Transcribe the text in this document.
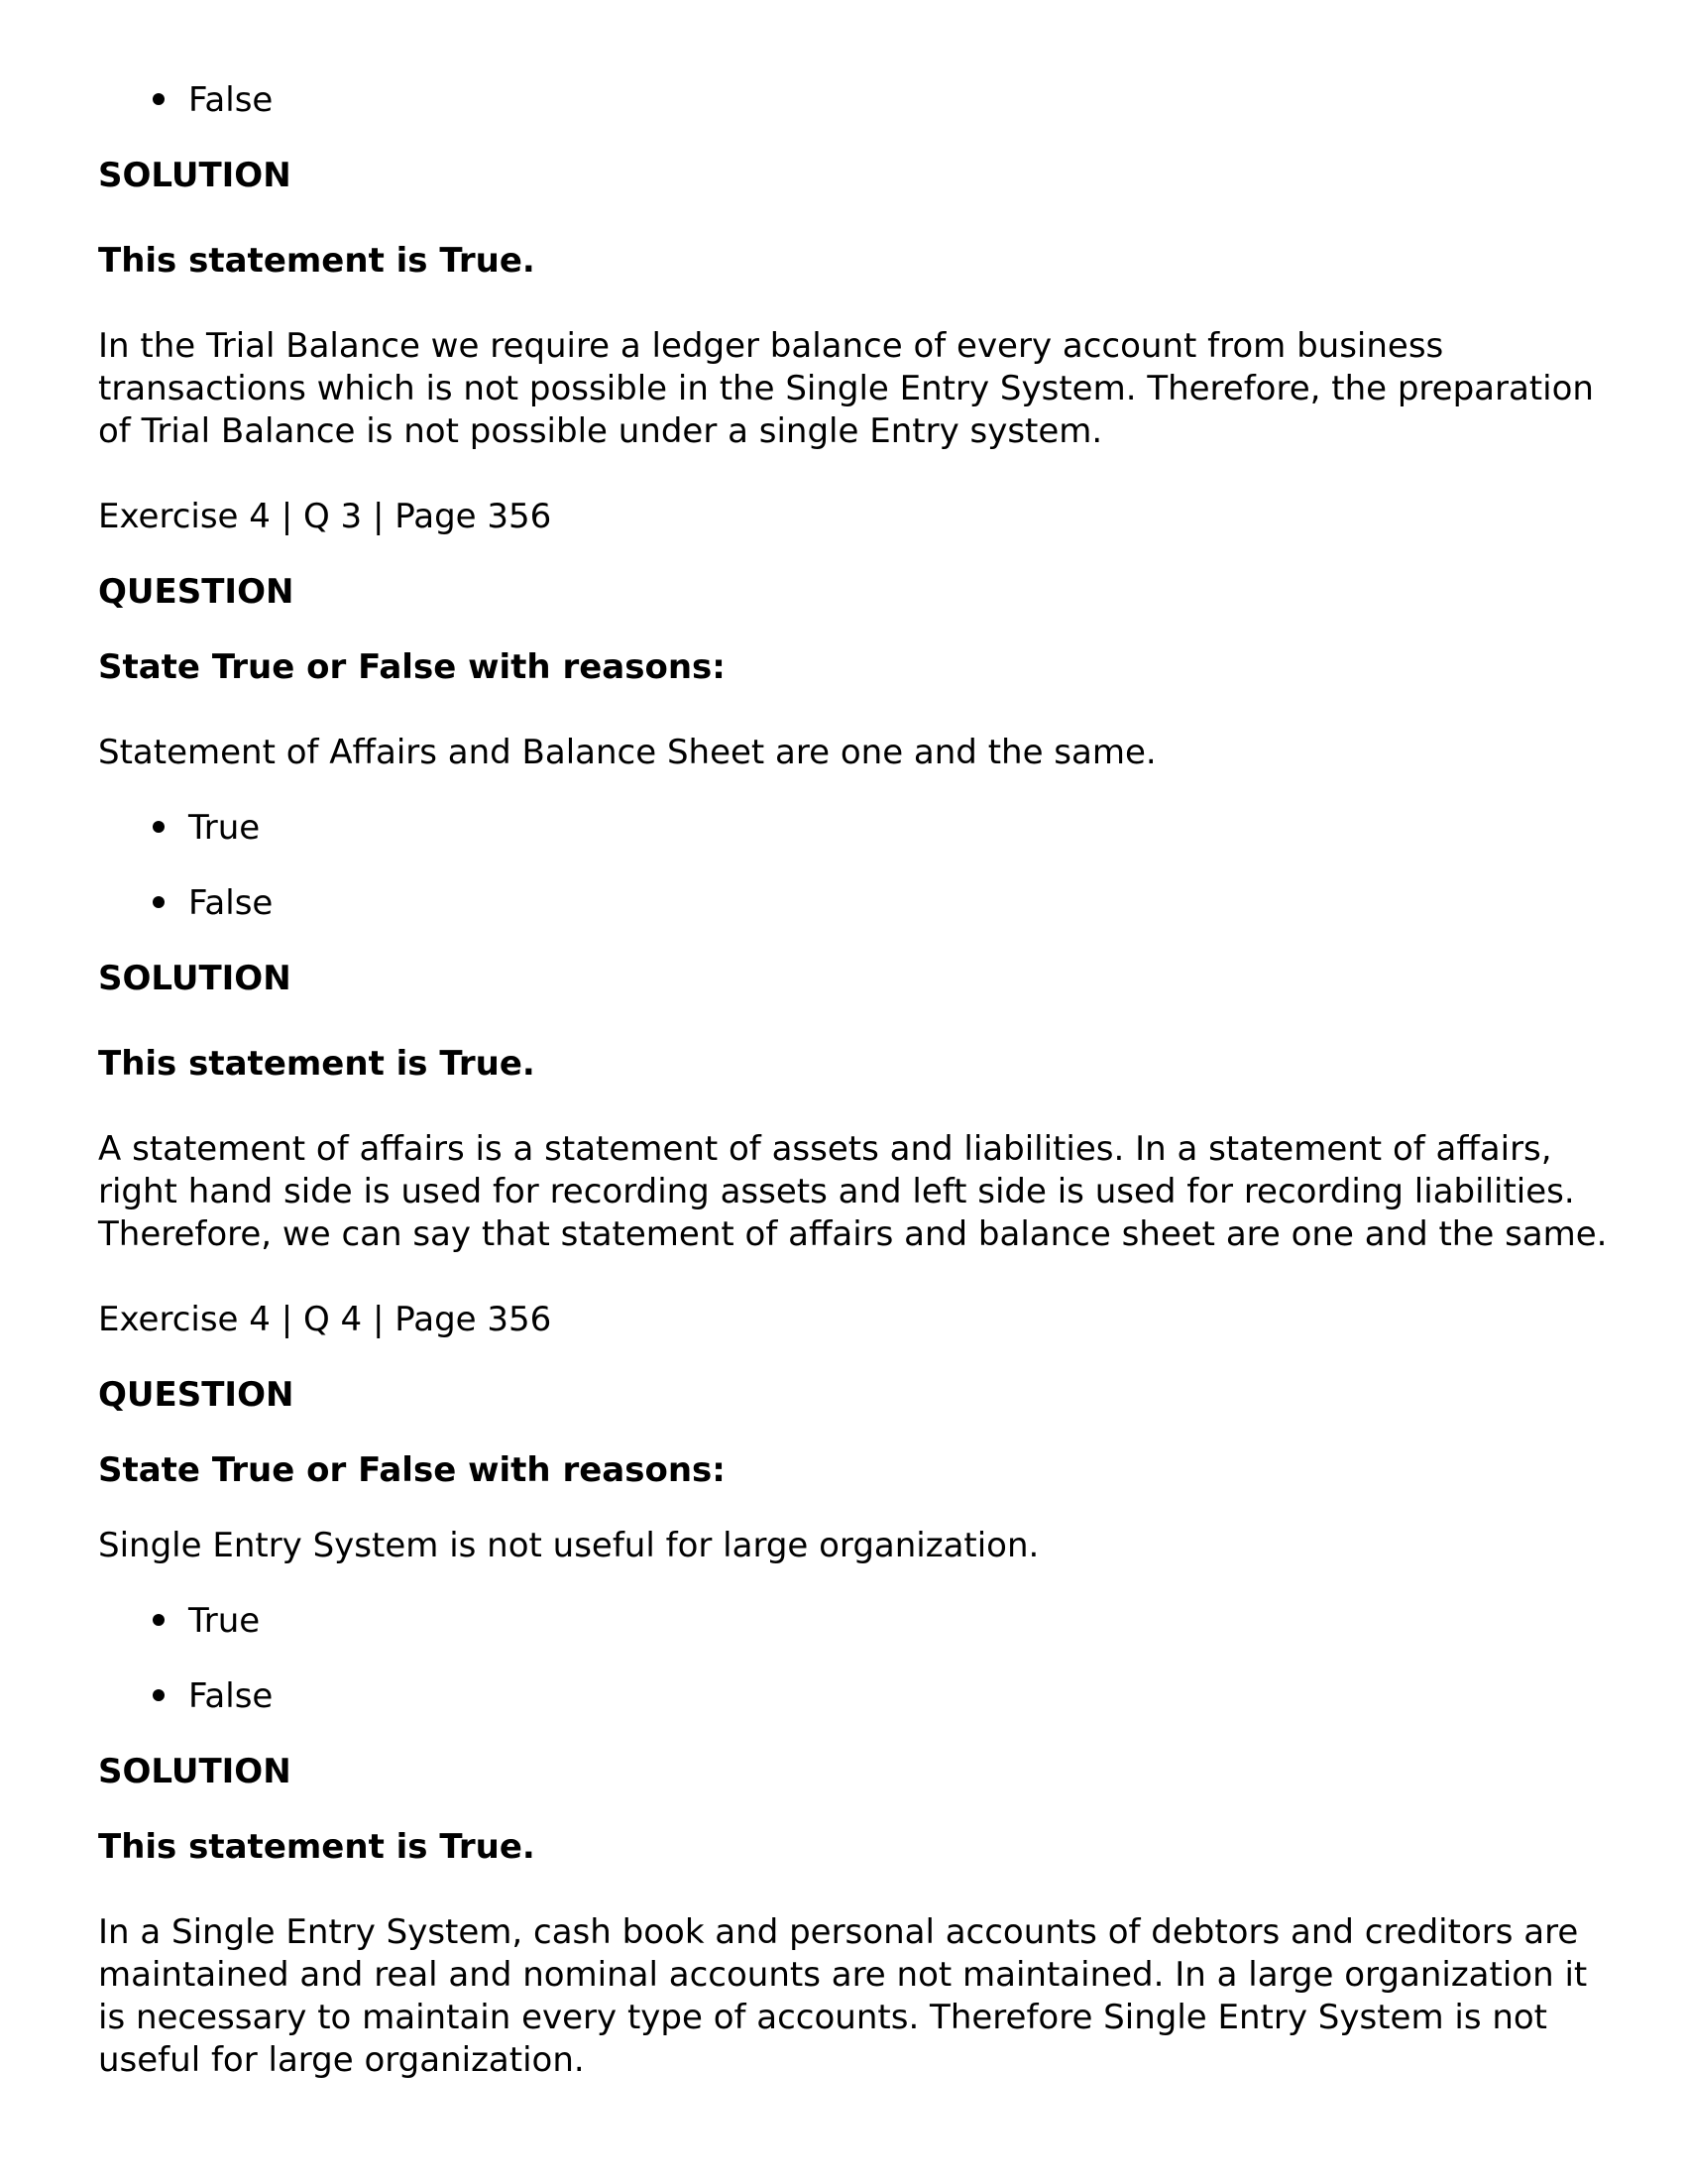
False
SOLUTION
This statement is True.
In the Trial Balance we require a ledger balance of every account from business
transactions which is not possible in the Single Entry System. Therefore, the preparation
of Trial Balance is not possible under a single Entry system.
Exercise 4 | Q 3 | Page 356
QUESTION
State True or False with reasons:
Statement of Affairs and Balance Sheet are one and the same.
True
False
SOLUTION
This statement is True.
A statement of affairs is a statement of assets and liabilities. In a statement of affairs,
right hand side is used for recording assets and left side is used for recording liabilities.
Therefore, we can say that statement of affairs and balance sheet are one and the same.
Exercise 4 | Q 4 | Page 356
QUESTION
State True or False with reasons:
Single Entry System is not useful for large organization.
True
False
SOLUTION
This statement is True.
In a Single Entry System, cash book and personal accounts of debtors and creditors are
maintained and real and nominal accounts are not maintained. In a large organization it
is necessary to maintain every type of accounts. Therefore Single Entry System is not
useful for large organization.
